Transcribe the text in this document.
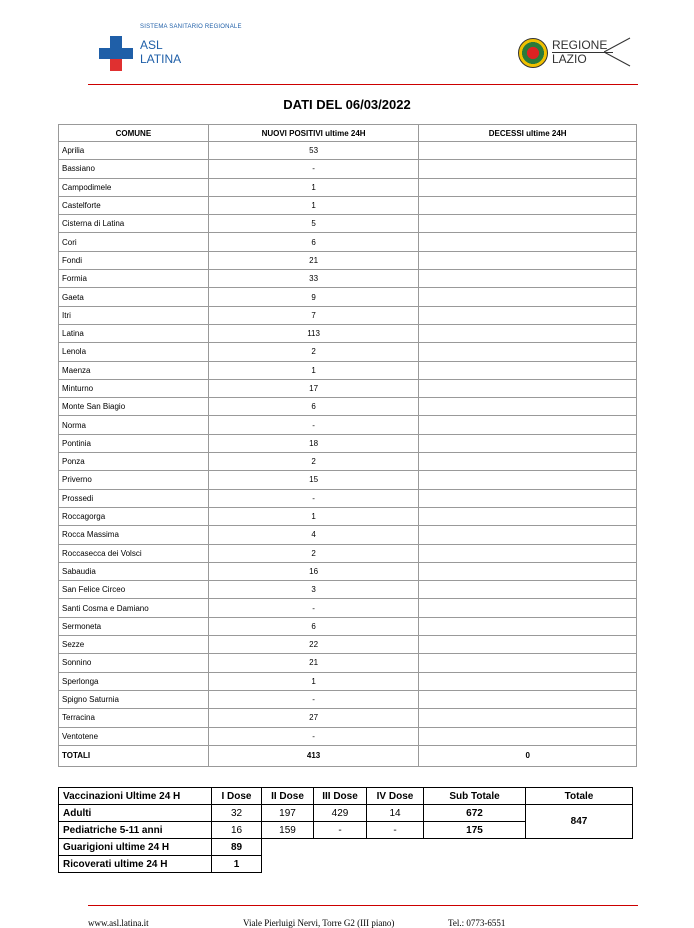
SISTEMA SANITARIO REGIONALE
ASL
LATINA
REGIONE
LAZIO
DATI DEL 06/03/2022
COMUNE	NUOVI POSITIVI ultime 24H	DECESSI ultime 24H
Aprilia	53	
Bassiano	-	
Campodimele	1	
Castelforte	1	
Cisterna di Latina	5	
Cori	6	
Fondi	21	
Formia	33	
Gaeta	9	
Itri	7	
Latina	113	
Lenola	2	
Maenza	1	
Minturno	17	
Monte San Biagio	6	
Norma	-	
Pontinia	18	
Ponza	2	
Priverno	15	
Prossedi	-	
Roccagorga	1	
Rocca Massima	4	
Roccasecca dei Volsci	2	
Sabaudia	16	
San Felice Circeo	3	
Santi Cosma e Damiano	-	
Sermoneta	6	
Sezze	22	
Sonnino	21	
Sperlonga	1	
Spigno Saturnia	-	
Terracina	27	
Ventotene	-	
TOTALI	413	0
Vaccinazioni Ultime 24 H	I Dose	II Dose	III Dose	IV Dose	Sub Totale	Totale
Adulti	32	197	429	14	672	847
Pediatriche 5-11 anni	16	159	-	-	175	
Guarigioni ultime 24 H	89					
Ricoverati ultime 24 H	1					
www.asl.latina.it	Viale Pierluigi Nervi, Torre G2 (III piano)	Tel.: 0773-6551
